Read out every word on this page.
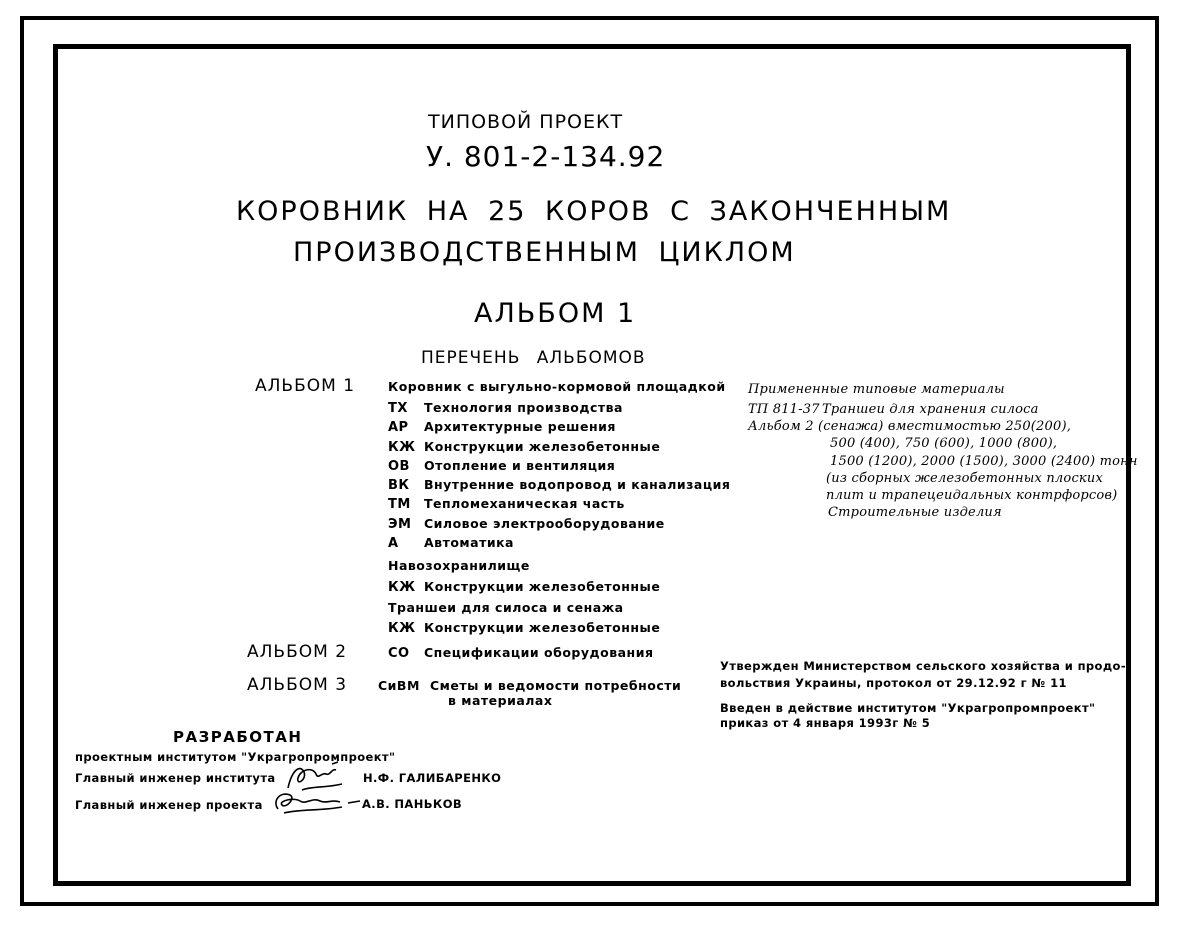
ТИПОВОЙ ПРОЕКТ
У. 801-2-134.92
КОРОВНИК НА 25 КОРОВ С ЗАКОНЧЕННЫМ
ПРОИЗВОДСТВЕННЫМ ЦИКЛОМ
АЛЬБОМ 1
ПЕРЕЧЕНЬ АЛЬБОМОВ
АЛЬБОМ 1	Коровник с выгульно-кормовой площадкой
ТХ Технология производства
АР Архитектурные решения
КЖ Конструкции железобетонные
ОВ Отопление и вентиляция
ВК Внутренние водопровод и канализация
ТМ Тепломеханическая часть
ЭМ Силовое электрооборудование
А Автоматика
Навозохранилище
КЖ Конструкции железобетонные
Траншеи для силоса и сенажа
КЖ Конструкции железобетонные
АЛЬБОМ 2	СО Спецификации оборудования
АЛЬБОМ 3 СиВМ Сметы и ведомости потребности
в материалах
Примененные типовые материалы
ТП 811-37 Траншеи для хранения силоса
Альбом 2 (сенажа) вместимостью 250(200),
500 (400), 750 (600), 1000 (800),
1500 (1200), 2000 (1500), 3000 (2400) тонн
(из сборных железобетонных плоских
плит и трапецеидальных контрфорсов)
Строительные изделия
Утвержден Министерством сельского хозяйства и продо-
вольствия Украины, протокол от 29.12.92 г № 11
Введен в действие институтом "Украгропромпроект"
приказ от 4 января 1993г № 5
РАЗРАБОТАН
проектным институтом "Украгропромпроект"
Главный инженер института	Н.Ф. ГАЛИБАРЕНКО
Главный инженер проекта	А.В. ПАНЬКОВ
